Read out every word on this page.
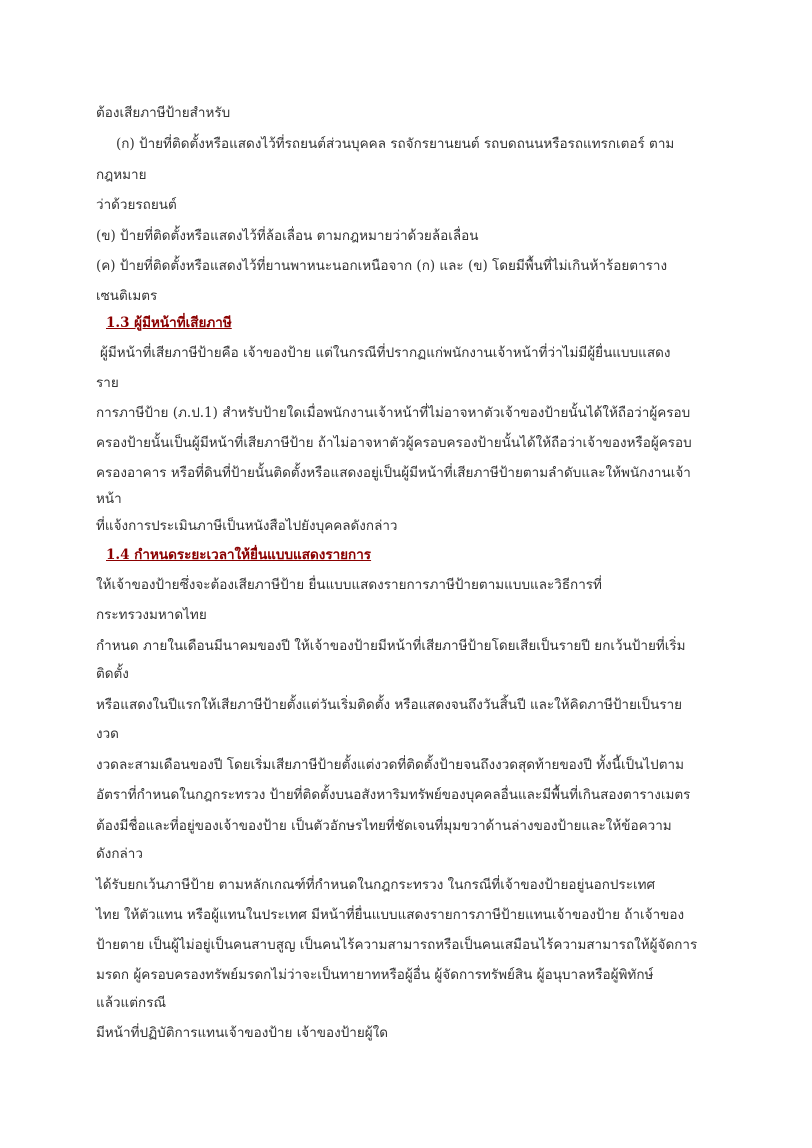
ต้องเสียภาษีป้ายสำหรับ
(ก) ป้ายที่ติดตั้งหรือแสดงไว้ที่รถยนต์ส่วนบุคคล รถจักรยานยนต์ รถบดถนนหรือรถแทรกเตอร์ ตาม
กฎหมาย
ว่าด้วยรถยนต์
(ข) ป้ายที่ติดตั้งหรือแสดงไว้ที่ล้อเลื่อน ตามกฎหมายว่าด้วยล้อเลื่อน
(ค) ป้ายที่ติดตั้งหรือแสดงไว้ที่ยานพาหนะนอกเหนือจาก (ก) และ (ข) โดยมีพื้นที่ไม่เกินห้าร้อยตาราง
เซนติเมตร
1.3 ผู้มีหน้าที่เสียภาษี
ผู้มีหน้าที่เสียภาษีป้ายคือ เจ้าของป้าย แต่ในกรณีที่ปรากฏแก่พนักงานเจ้าหน้าที่ว่าไม่มีผู้ยื่นแบบแสดง
ราย
การภาษีป้าย (ภ.ป.1) สำหรับป้ายใดเมื่อพนักงานเจ้าหน้าที่ไม่อาจหาตัวเจ้าของป้ายนั้นได้ให้ถือว่าผู้ครอบ
ครองป้ายนั้นเป็นผู้มีหน้าที่เสียภาษีป้าย ถ้าไม่อาจหาตัวผู้ครอบครองป้ายนั้นได้ให้ถือว่าเจ้าของหรือผู้ครอบ
ครองอาคาร หรือที่ดินที่ป้ายนั้นติดตั้งหรือแสดงอยู่เป็นผู้มีหน้าที่เสียภาษีป้ายตามลำดับและให้พนักงานเจ้า
หน้า
ที่แจ้งการประเมินภาษีเป็นหนังสือไปยังบุคคลดังกล่าว
1.4 กำหนดระยะเวลาให้ยื่นแบบแสดงรายการ
ให้เจ้าของป้ายซึ่งจะต้องเสียภาษีป้าย ยื่นแบบแสดงรายการภาษีป้ายตามแบบและวิธีการที่
กระทรวงมหาดไทย
กำหนด ภายในเดือนมีนาคมของปี ให้เจ้าของป้ายมีหน้าที่เสียภาษีป้ายโดยเสียเป็นรายปี ยกเว้นป้ายที่เริ่ม
ติดตั้ง
หรือแสดงในปีแรกให้เสียภาษีป้ายตั้งแต่วันเริ่มติดตั้ง หรือแสดงจนถึงวันสิ้นปี และให้คิดภาษีป้ายเป็นราย
งวด
งวดละสามเดือนของปี โดยเริ่มเสียภาษีป้ายตั้งแต่งวดที่ติดตั้งป้ายจนถึงงวดสุดท้ายของปี ทั้งนี้เป็นไปตาม
อัตราที่กำหนดในกฎกระทรวง ป้ายที่ติดตั้งบนอสังหาริมทรัพย์ของบุคคลอื่นและมีพื้นที่เกินสองตารางเมตร
ต้องมีชื่อและที่อยู่ของเจ้าของป้าย เป็นตัวอักษรไทยที่ชัดเจนที่มุมขวาด้านล่างของป้ายและให้ข้อความ
ดังกล่าว
ได้รับยกเว้นภาษีป้าย ตามหลักเกณฑ์ที่กำหนดในกฎกระทรวง ในกรณีที่เจ้าของป้ายอยู่นอกประเทศ
ไทย ให้ตัวแทน หรือผู้แทนในประเทศ มีหน้าที่ยื่นแบบแสดงรายการภาษีป้ายแทนเจ้าของป้าย ถ้าเจ้าของ
ป้ายตาย เป็นผู้ไม่อยู่เป็นคนสาบสูญ เป็นคนไร้ความสามารถหรือเป็นคนเสมือนไร้ความสามารถให้ผู้จัดการ
มรดก ผู้ครอบครองทรัพย์มรดกไม่ว่าจะเป็นทายาทหรือผู้อื่น ผู้จัดการทรัพย์สิน ผู้อนุบาลหรือผู้พิทักษ์
แล้วแต่กรณี
มีหน้าที่ปฏิบัติการแทนเจ้าของป้าย เจ้าของป้ายผู้ใด
